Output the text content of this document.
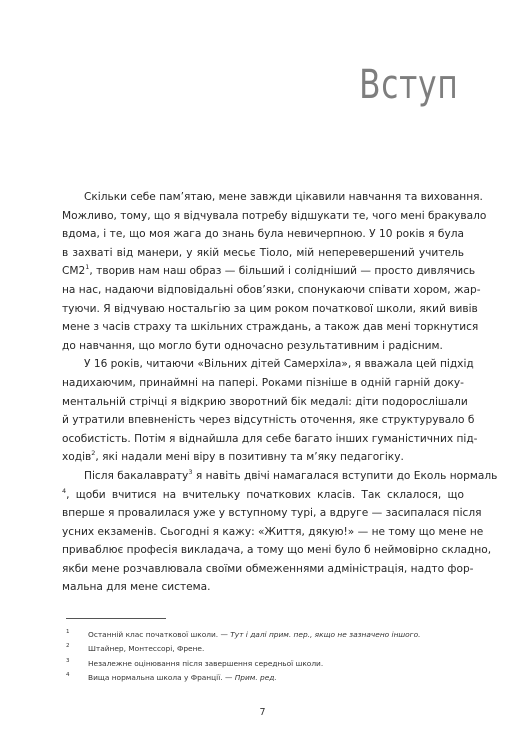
Вступ
Скільки себе пам’ятаю, мене завжди цікавили навчання та виховання.
Можливо, тому, що я відчувала потребу відшукати те, чого мені бракувало
вдома, і те, що моя жага до знань була невичерпною. У 10 років я була
в захваті від манери, у якій месьє Тіоло, мій неперевершений учитель
$СМ2^1$, творив нам наш образ — більший і солідніший — просто дивлячись
на нас, надаючи відповідальні обов’язки, спонукаючи співати хором, жар-
туючи. Я відчуваю ностальгію за цим роком початкової школи, який вивів
мене з часів страху та шкільних страждань, а також дав мені торкнутися
до навчання, що могло бути одночасно результативним і радісним.
У 16 років, читаючи «Вільних дітей Самерхіла», я вважала цей підхід
надихаючим, принаймні на папері. Роками пізніше в одній гарній доку-
ментальній стрічці я відкрию зворотний бік медалі: діти подорослішали
й утратили впевненість через відсутність оточення, яке структурувало б
особистість. Потім я віднайшла для себе багато інших гуманістичних під-
ходів$^2$, які надали мені віру в позитивну та м’яку педагогіку.
Після бакалаврату$^3$ я навіть двічі намагалася вступити до Еколь нормаль
$^4$, щоби вчитися на вчительку початкових класів. Так склалося, що
вперше я провалилася уже у вступному турі, а вдруге — засипалася після
усних екзаменів. Сьогодні я кажу: «Життя, дякую!» — не тому що мене не
приваблює професія викладача, а тому що мені було б неймовірно складно,
якби мене розчавлювала своїми обмеженнями адміністрація, надто фор-
мальна для мене система.
1	Останній клас початкової школи. — Тут і далі прим. пер., якщо не зазначено іншого.
2	Штайнер, Монтессорі, Френе.
3	Незалежне оцінювання після завершення середньої школи.
4	Вища нормальна школа у Франції. — Прим. ред.
7
